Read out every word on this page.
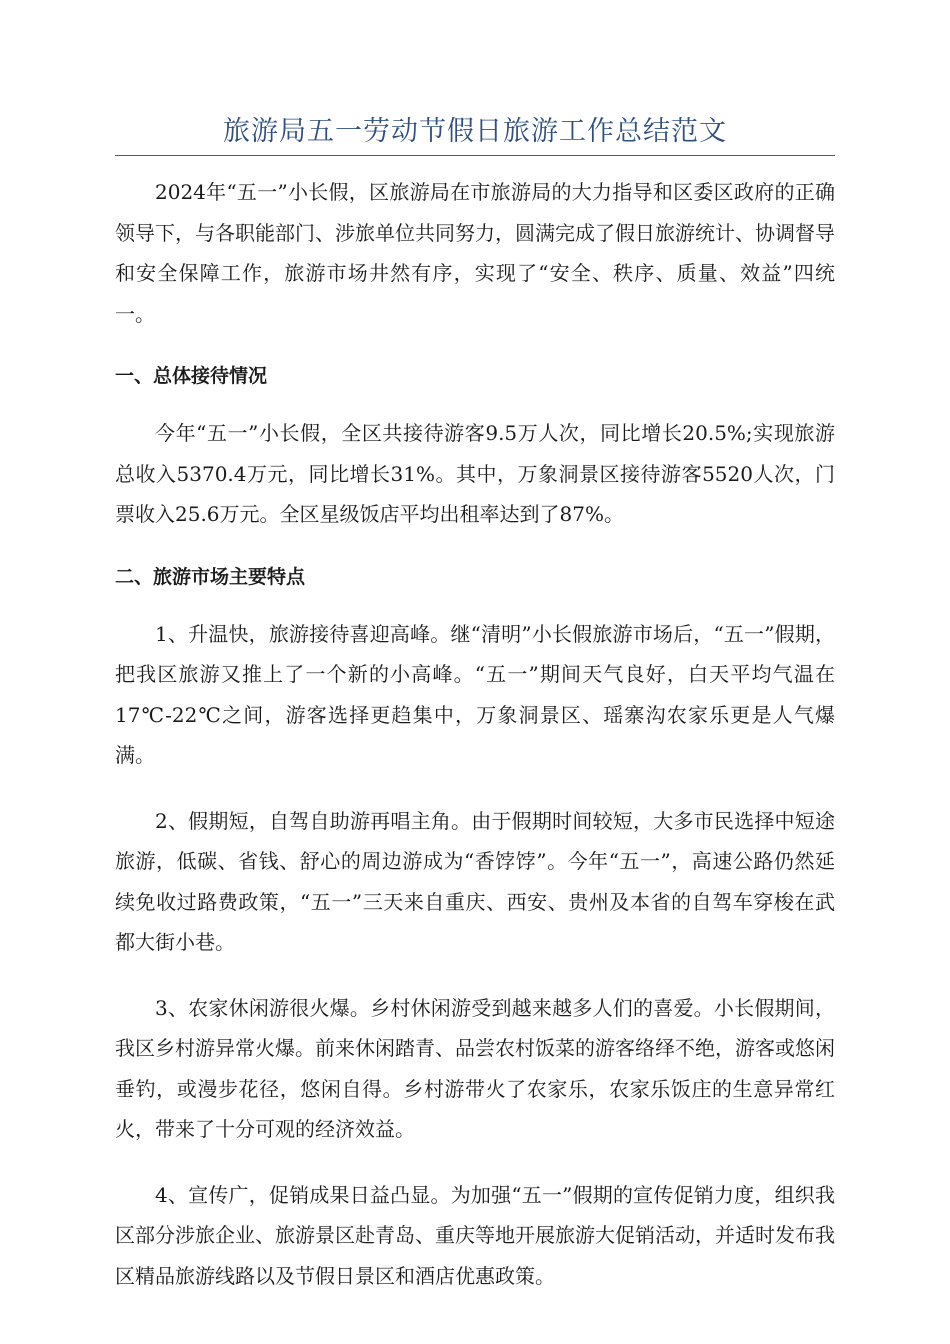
旅游局五一劳动节假日旅游工作总结范文

2024年“五一”小长假，区旅游局在市旅游局的大力指导和区委区政府的正确领导下，与各职能部门、涉旅单位共同努力，圆满完成了假日旅游统计、协调督导和安全保障工作，旅游市场井然有序，实现了“安全、秩序、质量、效益”四统一。

一、总体接待情况

今年“五一”小长假，全区共接待游客9.5万人次，同比增长20.5%;实现旅游总收入5370.4万元，同比增长31%。其中，万象洞景区接待游客5520人次，门票收入25.6万元。全区星级饭店平均出租率达到了87%。

二、旅游市场主要特点

1、升温快，旅游接待喜迎高峰。继“清明”小长假旅游市场后，“五一”假期，把我区旅游又推上了一个新的小高峰。“五一”期间天气良好，白天平均气温在17℃-22℃之间，游客选择更趋集中，万象洞景区、瑶寨沟农家乐更是人气爆满。

2、假期短，自驾自助游再唱主角。由于假期时间较短，大多市民选择中短途旅游，低碳、省钱、舒心的周边游成为“香饽饽”。今年“五一”，高速公路仍然延续免收过路费政策，“五一”三天来自重庆、西安、贵州及本省的自驾车穿梭在武都大街小巷。

3、农家休闲游很火爆。乡村休闲游受到越来越多人们的喜爱。小长假期间，我区乡村游异常火爆。前来休闲踏青、品尝农村饭菜的游客络绎不绝，游客或悠闲垂钓，或漫步花径，悠闲自得。乡村游带火了农家乐，农家乐饭庄的生意异常红火，带来了十分可观的经济效益。

4、宣传广，促销成果日益凸显。为加强“五一”假期的宣传促销力度，组织我区部分涉旅企业、旅游景区赴青岛、重庆等地开展旅游大促销活动，并适时发布我区精品旅游线路以及节假日景区和酒店优惠政策。
